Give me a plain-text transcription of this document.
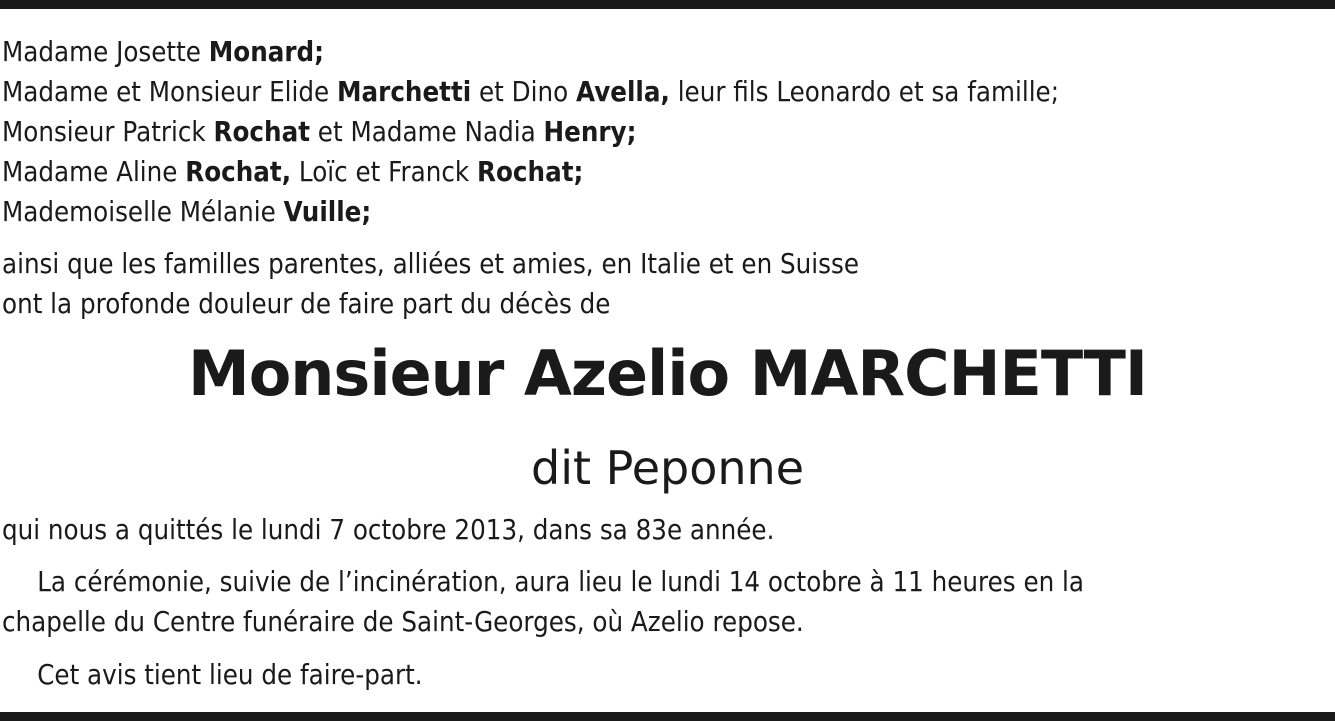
Madame Josette Monard;
Madame et Monsieur Elide Marchetti et Dino Avella, leur fils Leonardo et sa famille;
Monsieur Patrick Rochat et Madame Nadia Henry;
Madame Aline Rochat, Loïc et Franck Rochat;
Mademoiselle Mélanie Vuille;
ainsi que les familles parentes, alliées et amies, en Italie et en Suisse
ont la profonde douleur de faire part du décès de
Monsieur Azelio MARCHETTI
dit Peponne
qui nous a quittés le lundi 7 octobre 2013, dans sa 83e année.
La cérémonie, suivie de l’incinération, aura lieu le lundi 14 octobre à 11 heures en la
chapelle du Centre funéraire de Saint-Georges, où Azelio repose.
Cet avis tient lieu de faire-part.
